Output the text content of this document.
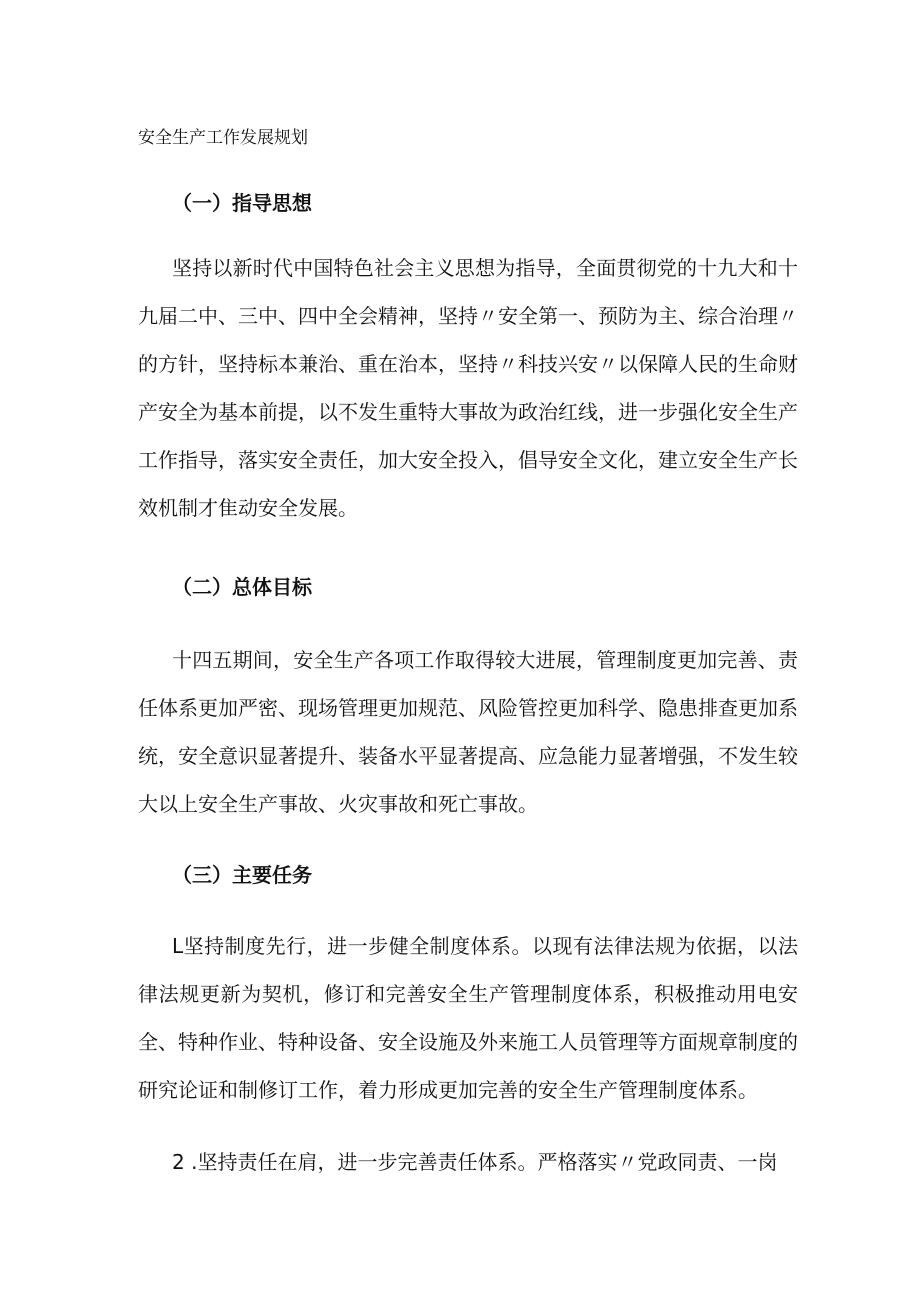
安全生产工作发展规划
（一）指导思想

坚持以新时代中国特色社会主义思想为指导，全面贯彻党的十九大和十九届二中、三中、四中全会精神，坚持〃安全第一、预防为主、综合治理〃的方针，坚持标本兼治、重在治本，坚持〃科技兴安〃以保障人民的生命财产安全为基本前提，以不发生重特大事故为政治红线，进一步强化安全生产工作指导，落实安全责任，加大安全投入，倡导安全文化，建立安全生产长效机制才隹动安全发展。

（二）总体目标

十四五期间，安全生产各项工作取得较大进展，管理制度更加完善、责任体系更加严密、现场管理更加规范、风险管控更加科学、隐患排查更加系统，安全意识显著提升、装备水平显著提高、应急能力显著增强，不发生较大以上安全生产事故、火灾事故和死亡事故。

（三）主要任务

L坚持制度先行，进一步健全制度体系。以现有法律法规为依据，以法律法规更新为契机，修订和完善安全生产管理制度体系，积极推动用电安全、特种作业、特种设备、安全设施及外来施工人员管理等方面规章制度的研究论证和制修订工作，着力形成更加完善的安全生产管理制度体系。

2 .坚持责任在肩，进一步完善责任体系。严格落实〃党政同责、一岗
